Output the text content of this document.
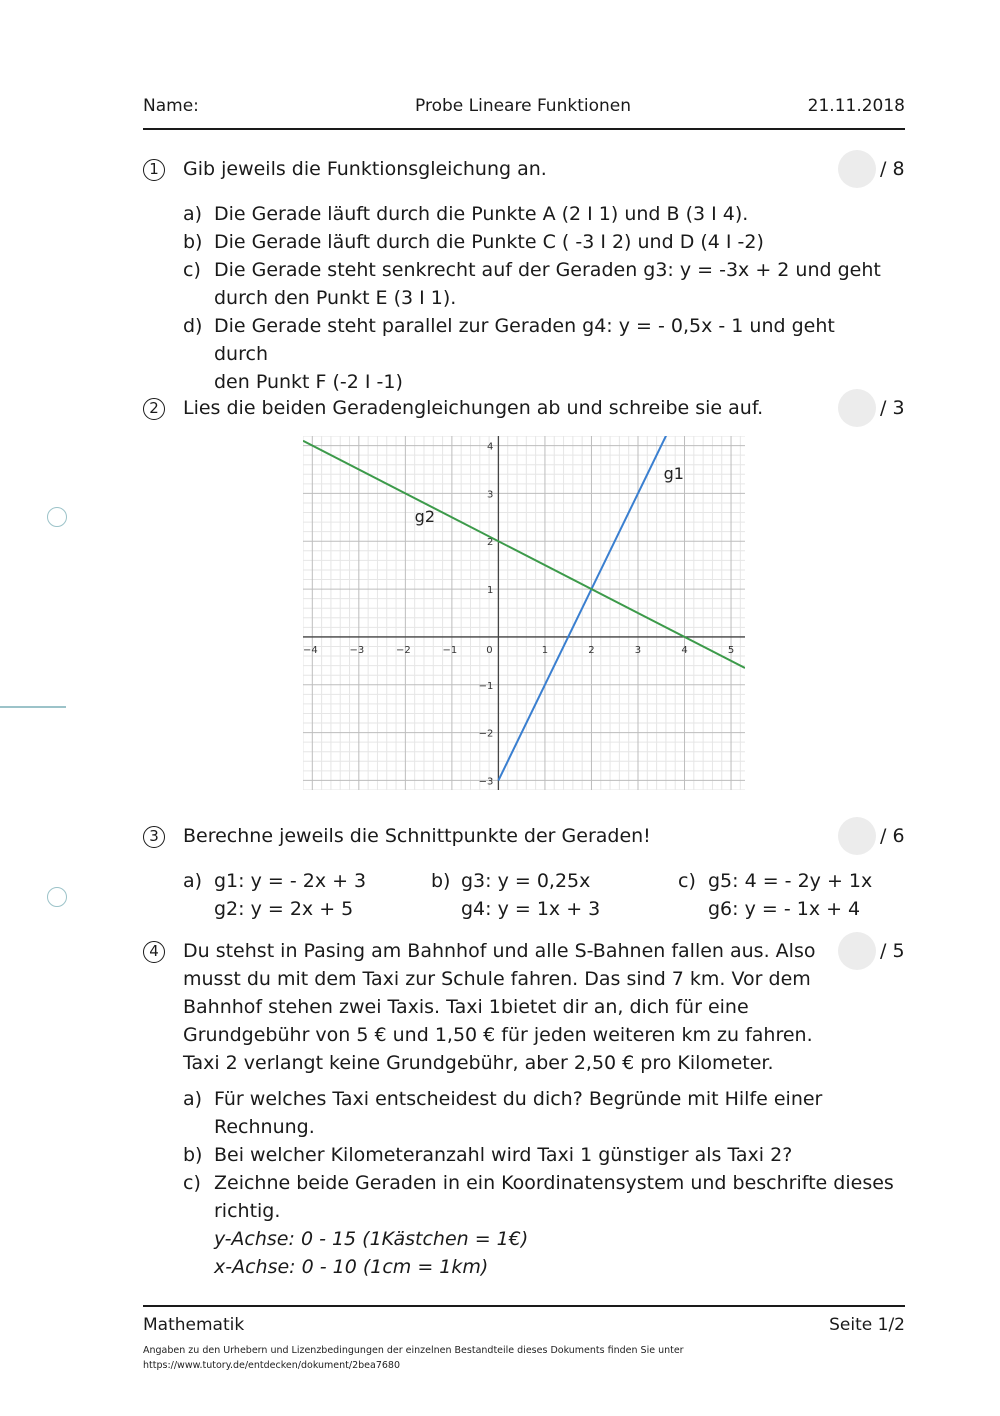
Name:	Probe Lineare Funktionen	21.11.2018
1	Gib jeweils die Funktionsgleichung an.	/ 8
a) Die Gerade läuft durch die Punkte A (2 I 1) und B (3 I 4).
b) Die Gerade läuft durch die Punkte C ( -3 I 2) und D (4 I -2)
c) Die Gerade steht senkrecht auf der Geraden g3: y = -3x + 2 und geht
durch den Punkt E (3 I 1).
d) Die Gerade steht parallel zur Geraden g4: y = - 0,5x - 1 und geht durch
den Punkt F (-2 I -1)
2	Lies die beiden Geradengleichungen ab und schreibe sie auf.	/ 3
−4	−3	−2	−1	0	1	2	3	4	5
4
3
2
1
−1
−2
−3
g1
g2
3	Berechne jeweils die Schnittpunkte der Geraden!	/ 6
a) g1: y = - 2x + 3
g2: y = 2x + 5
b) g3: y = 0,25x
g4: y = 1x + 3
c) g5: 4 = - 2y + 1x
g6: y = - 1x + 4
4	/ 5
Du stehst in Pasing am Bahnhof und alle S-Bahnen fallen aus. Also
musst du mit dem Taxi zur Schule fahren. Das sind 7 km. Vor dem
Bahnhof stehen zwei Taxis. Taxi 1bietet dir an, dich für eine
Grundgebühr von 5 € und 1,50 € für jeden weiteren km zu fahren.
Taxi 2 verlangt keine Grundgebühr, aber 2,50 € pro Kilometer.
a) Für welches Taxi entscheidest du dich? Begründe mit Hilfe einer
Rechnung.
b) Bei welcher Kilometeranzahl wird Taxi 1 günstiger als Taxi 2?
c) Zeichne beide Geraden in ein Koordinatensystem und beschrifte dieses
richtig.
y-Achse: 0 - 15 (1Kästchen = 1€)
x-Achse: 0 - 10 (1cm = 1km)
Mathematik	Seite 1/2
Angaben zu den Urhebern und Lizenzbedingungen der einzelnen Bestandteile dieses Dokuments finden Sie unter
https://www.tutory.de/entdecken/dokument/2bea7680
